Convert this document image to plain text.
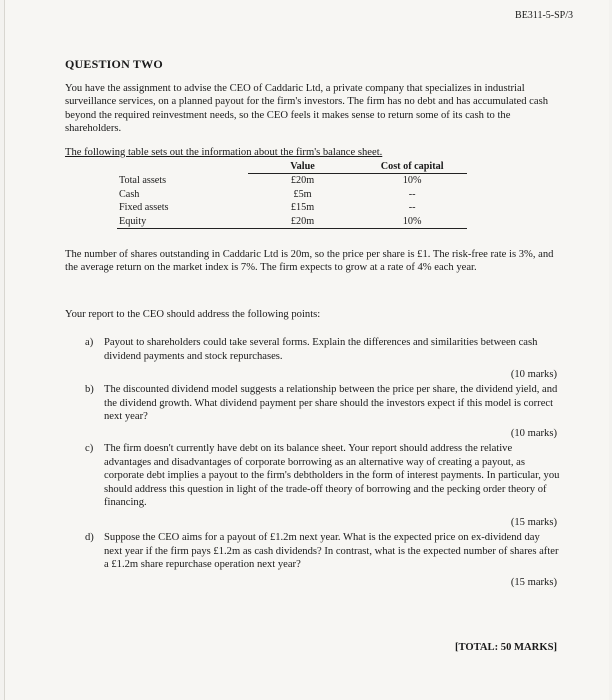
BE311-5-SP/3
QUESTION TWO
You have the assignment to advise the CEO of Caddaric Ltd, a private company that specializes in industrial surveillance services, on a planned payout for the firm's investors. The firm has no debt and has accumulated cash beyond the required reinvestment needs, so the CEO feels it makes sense to return some of its cash to the shareholders.
The following table sets out the information about the firm's balance sheet.
	Value	Cost of capital
Total assets	£20m	10%
Cash	£5m	--
Fixed assets	£15m	--
Equity	£20m	10%
The number of shares outstanding in Caddaric Ltd is 20m, so the price per share is £1. The risk-free rate is 3%, and the average return on the market index is 7%. The firm expects to grow at a rate of 4% each year.
Your report to the CEO should address the following points:
a) Payout to shareholders could take several forms. Explain the differences and similarities between cash dividend payments and stock repurchases.
(10 marks)
b) The discounted dividend model suggests a relationship between the price per share, the dividend yield, and the dividend growth. What dividend payment per share should the investors expect if this model is correct next year?
(10 marks)
c) The firm doesn't currently have debt on its balance sheet. Your report should address the relative advantages and disadvantages of corporate borrowing as an alternative way of creating a payout, as corporate debt implies a payout to the firm's debtholders in the form of interest payments. In particular, you should address this question in light of the trade-off theory of borrowing and the pecking order theory of financing.
(15 marks)
d) Suppose the CEO aims for a payout of £1.2m next year. What is the expected price on ex-dividend day next year if the firm pays £1.2m as cash dividends? In contrast, what is the expected number of shares after a £1.2m share repurchase operation next year?
(15 marks)
[TOTAL: 50 MARKS]
